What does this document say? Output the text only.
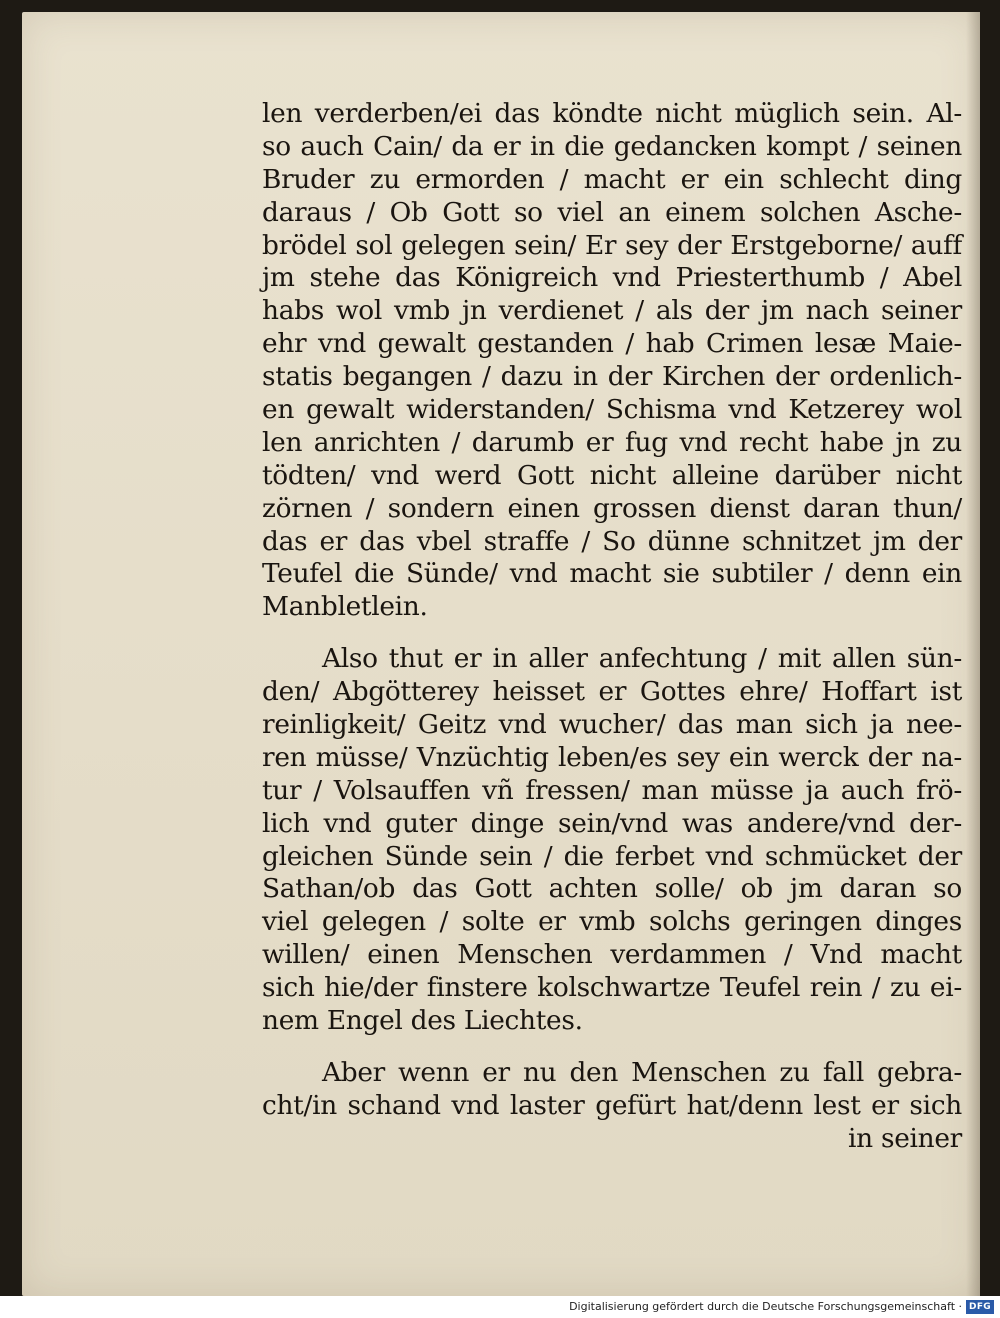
len verderben/ei das köndte nicht müglich sein. Al-
so auch Cain/ da er in die gedancken kompt / seinen
Bruder zu ermorden / macht er ein schlecht ding
daraus / Ob Gott so viel an einem solchen Asche-
brödel sol gelegen sein/ Er sey der Erstgeborne/ auff
jm stehe das Königreich vnd Priesterthumb / Abel
habs wol vmb jn verdienet / als der jm nach seiner
ehr vnd gewalt gestanden / hab Crimen lesæ Maie-
statis begangen / dazu in der Kirchen der ordenlich-
en gewalt widerstanden/ Schisma vnd Ketzerey wol
len anrichten / darumb er fug vnd recht habe jn zu
tödten/ vnd werd Gott nicht alleine darüber nicht
zörnen / sondern einen grossen dienst daran thun/
das er das vbel straffe / So dünne schnitzet jm der
Teufel die Sünde/ vnd macht sie subtiler / denn ein
Manbletlein.
Also thut er in aller anfechtung / mit allen sün-
den/ Abgötterey heisset er Gottes ehre/ Hoffart ist
reinligkeit/ Geitz vnd wucher/ das man sich ja nee-
ren müsse/ Vnzüchtig leben/es sey ein werck der na-
tur / Volsauffen vñ fressen/ man müsse ja auch frö-
lich vnd guter dinge sein/vnd was andere/vnd der-
gleichen Sünde sein / die ferbet vnd schmücket der
Sathan/ob das Gott achten solle/ ob jm daran so
viel gelegen / solte er vmb solchs geringen dinges
willen/ einen Menschen verdammen / Vnd macht
sich hie/der finstere kolschwartze Teufel rein / zu ei-
nem Engel des Liechtes.
Aber wenn er nu den Menschen zu fall gebra-
cht/in schand vnd laster gefürt hat/denn lest er sich
in seiner
Digitalisierung gefördert durch die Deutsche Forschungsgemeinschaft · DFG
